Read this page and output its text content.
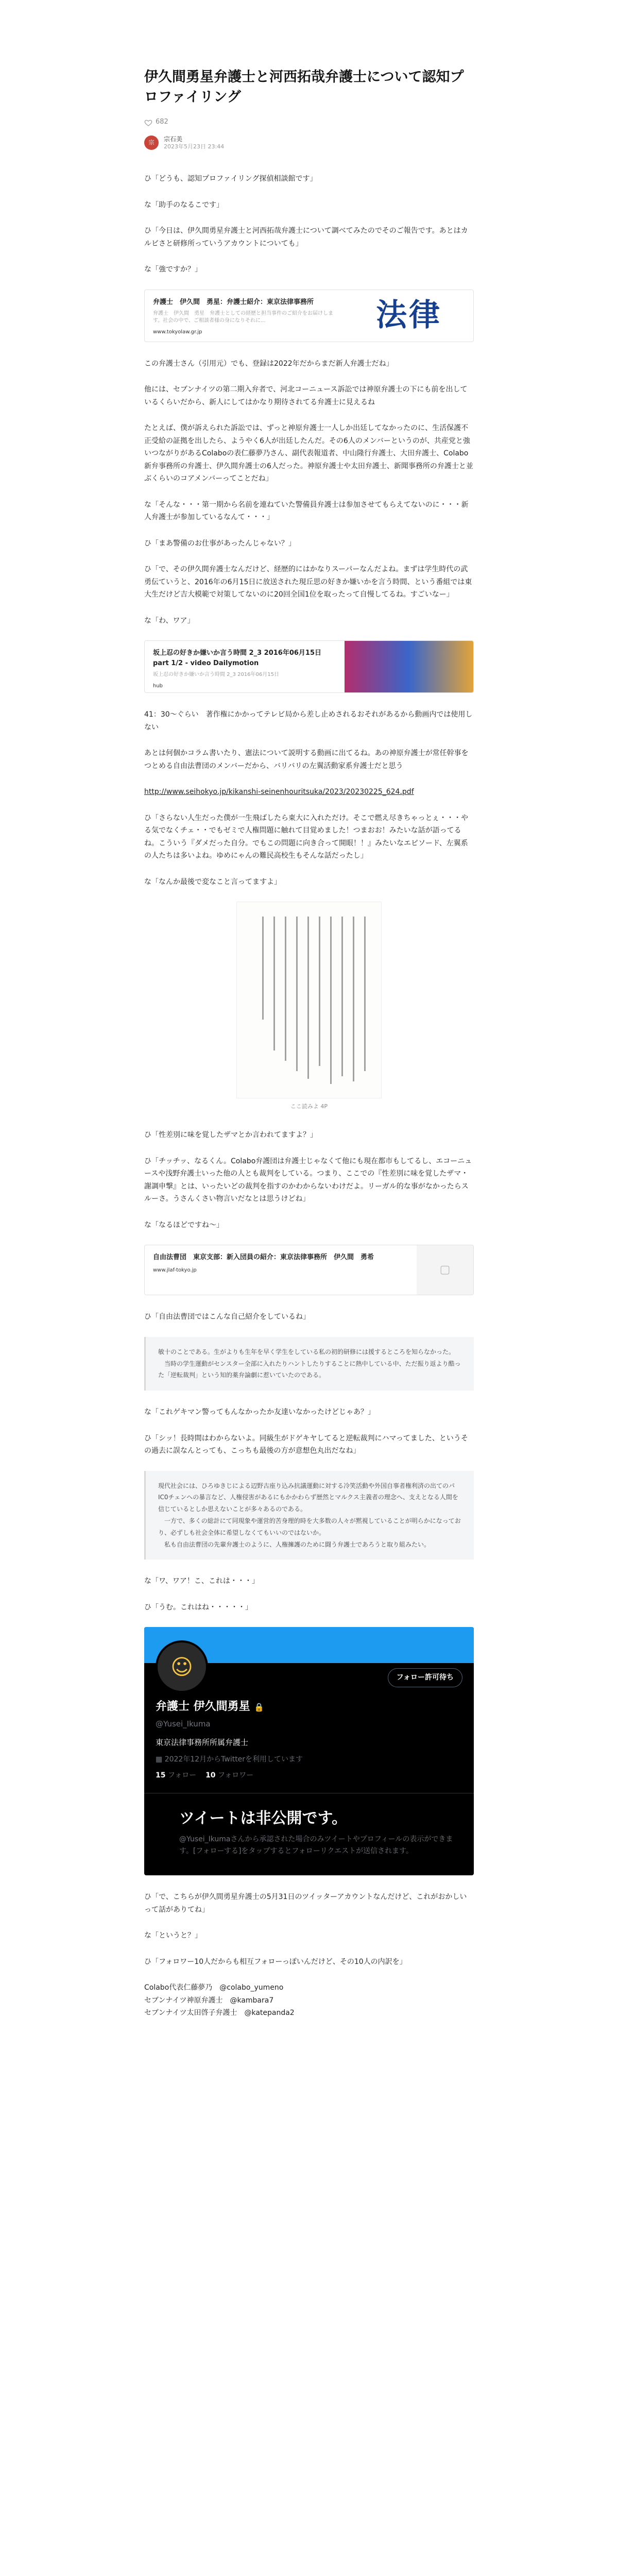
伊久間勇星弁護士と河西拓哉弁護士について認知プロファイリング
682
宗	宗石美
2023年5月23日 23:44

ひ「どうも、認知プロファイリング探偵相談館です」

な「助手のなるこです」

ひ「今日は、伊久間勇星弁護士と河西拓哉弁護士について調べてみたのでそのご報告です。あとはカルビさと研修所っていうアカウントについても」

な「強ですか？」

弁護士　伊久間　勇星：弁護士紹介：東京法律事務所
弁護士　伊久間　勇星　弁護士としての経歴と担当事件のご紹介をお届けします。社会の中で、ご相談者様の身になりそれに...
www.tokyolaw.gr.jp	法律

この弁護士さん（引用元）でも、登録は2022年だからまだ新人弁護士だね」

他には、セブンナイツの第二期入弁者で、河北コーニュース訴訟では神原弁護士の下にも前を出しているくらいだから、新人にしてはかなり期待されてる弁護士に見えるね

たとえば、僕が訴えられた訴訟では、ずっと神原弁護士一人しか出廷してなかったのに、生活保護不正受給の証拠を出したら、ようやく6人が出廷したんだ。その6人のメンバーというのが、共産党と強いつながりがあるColaboの表仁藤夢乃さん、副代表報道者、中山隆行弁護士、大田弁護士、Colabo新弁事務所の弁護士、伊久間弁護士の6人だった。神原弁護士や太田弁護士、新聞事務所の弁護士と並ぶくらいのコアメンバーってことだね」

な「そんな・・・第一期から名前を連ねていた警備員弁護士は参加させてもらえてないのに・・・新人弁護士が参加しているなんて・・・」

ひ「まあ警備のお仕事があったんじゃない？」

ひ「で、その伊久間弁護士なんだけど、経歴的にはかなりスーパーなんだよね。まずは学生時代の武勇伝ていうと、2016年の6月15日に放送された現丘思の好きか嫌いかを言う時間、という番組では東大生だけど吉大模範で対策してないのに20回全国1位を取ったって自慢してるね。すごいなー」

な「わ、ワア」

坂上忍の好きか嫌いか言う時間 2_3 2016年06月15日 part 1/2 - video Dailymotion
坂上忍の好きか嫌いか言う時間 2_3 2016年06月15日
hub

41：30〜ぐらい　著作権にかかってテレビ局から差し止めされるおそれがあるから動画内では使用しない

あとは何個かコラム書いたり、憲法について説明する動画に出てるね。あの神原弁護士が常任幹事をつとめる自由法曹団のメンバーだから、バリバリの左翼活動家系弁護士だと思う

http://www.seihokyo.jp/kikanshi-seinenhouritsuka/2023/20230225_624.pdf

ひ「さらない人生だった僕が一生飛ばしたら東大に入れただけ。そこで燃え尽きちゃっとぇ・・・やる気でなくチェ・・でもゼミで人権問題に触れて目覚めました！つまおお！みたいな話が語ってるね。こういう『ダメだった自分。でもこの問題に向き合って開眼！！』みたいなエピソード、左翼系の人たちは多いよね。ゆめにゃんの難民高校生もそんな話だったし」

な「なんか最後で変なこと言ってますよ」

ここ読みよ 4P

ひ「性差別に味を覚したザマとか言われてますよ？」

ひ「チッチッ、なるくん。Colabo弁護団は弁護士じゃなくて他にも現在都市もしてるし、エコーニュースや浅野弁護士いった他の人とも裁判をしている。つまり、ここでの『性差別に味を覚したザマ・謝調申撃』とは、いったいどの裁判を指すのかわからないわけだよ。リーガル的な事がなかったらスルーさ。うさんくさい物言いだなとは思うけどね」

な「なるほどですね〜」

自由法曹団　東京支部：新入団員の紹介：東京法律事務所　伊久間　勇希
www.jlaf-tokyo.jp	▢

ひ「自由法曹団ではこんな自己紹介をしているね」

敏十のことである。生がよりも生年を早く学生をしている私の初的研修には援するところを知らなかった。

　当時の学生運動がセンスター全部に入れたりハントしたりすることに熱中している中、ただ振り返より酷った「逆転裁判」という知的薬弁論劇に惹いていたのである。

な「これゲキマン警ってもんなかったか友達いなかったけどじゃあ？」

ひ「シッ！長時間はわからないよ。同級生がドゲキヤしてると逆転裁判にハマってました、というその過去に誤なんとっても、こっちも最後の方が意想色丸出だなね」

現代社会には、ひろゆきじによる辺野古座り込み抗議運動に対する冷笑活動や外国自事者権利済の出てのパIC0チェンへの暴言など、人権侵害があるにもかかわらず歴然とマルクス主義者の理念へ、支えとなる人間を信じているとしか思えないことが多々あるのである。

　一方で、多くの総計にて同現象や運営的苦身理的時を大多数の人々が黙視していることが明らかになっており、必ずしも社会全体に希望しなくてもいいのではないか。

　私も自由法曹団の先輩弁護士のように、人権擁護のために闘う弁護士であろうと取り組みたい。

な「ワ、ワア！こ、これは・・・」

ひ「うむ。これはね・・・・・」

☺	フォロー許可待ち
弁護士 伊久間勇星 🔒
@Yusei_Ikuma
東京法律事務所所属弁護士
▦ 2022年12月からTwitterを利用しています
15 フォロー 10 フォロワー
ツイートは非公開です。
@Yusei_Ikumaさんから承認された場合のみツイートやプロフィールの表示ができます。[フォローする]をタップするとフォローリクエストが送信されます。

ひ「で、こちらが伊久間勇星弁護士の5月31日のツイッターアカウントなんだけど、これがおかしいって話がありてね」

な「というと？」

ひ「フォロワー10人だからも相互フォローっぽいんだけど、その10人の内訳を」

Colabo代表仁藤夢乃　@colabo_yumeno

セブンナイツ神原弁護士　@kambara7

セブンナイツ太田啓子弁護士　@katepanda2
